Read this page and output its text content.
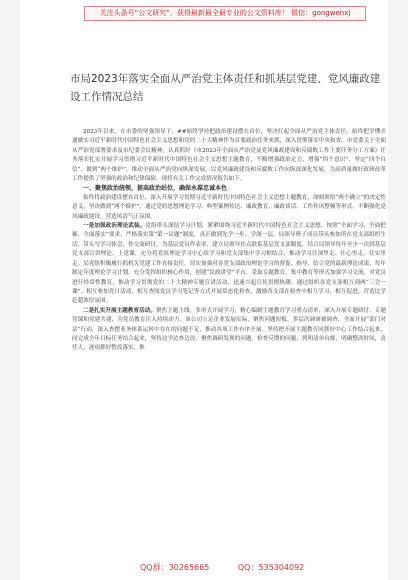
关注头条号“公文研究”，获得最新最全最专业的公文资料库！ 微信：gongwenxj
市局2023年落实全面从严治党主体责任和抓基层党建、党风廉政建设工作情况总结

2023年以来，在市委的坚强领导下，##始终坚持把政治建设摆在首位，坚决扛起全面从严治党主体责任，始终把学懂弄通做实习近平新时代中国特色社会主义思想和党的二十大精神作为首要政治任务来抓，深入贯彻落实中央和省、市党委关于全面从严治党部署要求及市纪委会议精神，认真抓好《市2023年全面从严治党及党风廉政建设和反腐败工作主要任务分工方案》任务落实扎实开展学习贯彻习近平新时代中国特色社会主义思想主题教育，不断增强政治定力，增强“四个意识”、坚定“四个自信”、做到“两个维护”，推动全面从严治党向纵深发展，以党风廉政建设和反腐败工作向纵深深化发展，为高质量做好政研改革工作提供了坚强的政治和纪律保障，现将有关工作完成情况报告如下。

一、聚焦政治统领，提高政治站位，确保永葆忠诚本色

始终将政治建设摆在首位，深入开展学习贯彻习近平新时代中国特色社会主义思想主题教育，深刻领悟“两个确立”的决定性意义，坚决做到“两个维护”，通过党的思想理论学习、典型案例传达、廉政教育、廉政谈话、工作作风整顿等形式，不断强化党风廉政建设，营造风清气正氛围。

一是加强政治理论武装。党组带头深钻学习计划，紧紧围绕习近平新时代中国特色社会主义思想，按照“全面学习、全面把握、全面落实”要求，严格落实第“第一议题”制度，真正做到先学一步、学深一层，局领导班子成员带头参加所在党支部组织生活，带头写学习体会、作交流研讨，为基层党员作表率，建立局领导挂点联系基层党支部制度，结合局领导每年至少一次到基层党支部宣讲理论、上党课，充分将党组理论学习中心组学习和党支部集中学习相结合，推动学习往深里走、往心里走、往实里走。局党组积极履行抓机关党建工作直接责任，切实加强对各党支部政治理论学习的督促、指导，结合党的最新理论成果，每年制定年度理论学习计划，充分发挥组织核心作用，创建“民政讲堂”平台，采取专题教育、集中教育等形式加强学习交流，对党员进行经常性教育，推动学习贯彻党的二十大精神专题宣讲活动、迅速兴起宣传贯彻热潮，通过组织各党支部相互到两“三会一课”、相互参加党日活动、相互查阅党员学习笔记等方式开展常态化检查，激励各支部在检查中相互学习，相互促进，营造比学赶超浓厚氛围。

二是扎实开展主题教育活动。聚焦主题主线，多形式开展学习，精心编制主题教育学习重点清单，深入开展专题研讨、专题党课和党建共建，为党员教育注入持续动力。该公司立足企业发展实际，聚焦问题短板，多层次调研被调查，全面开展“部门对话”行动，深入查摆业务体系运转中存在的问题不足，推动各项工作有序开展。坚持把开展主题教育同抓好中心工作结合起来，同完成全年目标任务结合起来，坚持边学边查边改，聚焦调研发现的问题，检查反馈的问题，列明清单台账，明确整改时间，责任人，逐项抓好整改落实，推

QQ群：30265665	QQ：535304092
